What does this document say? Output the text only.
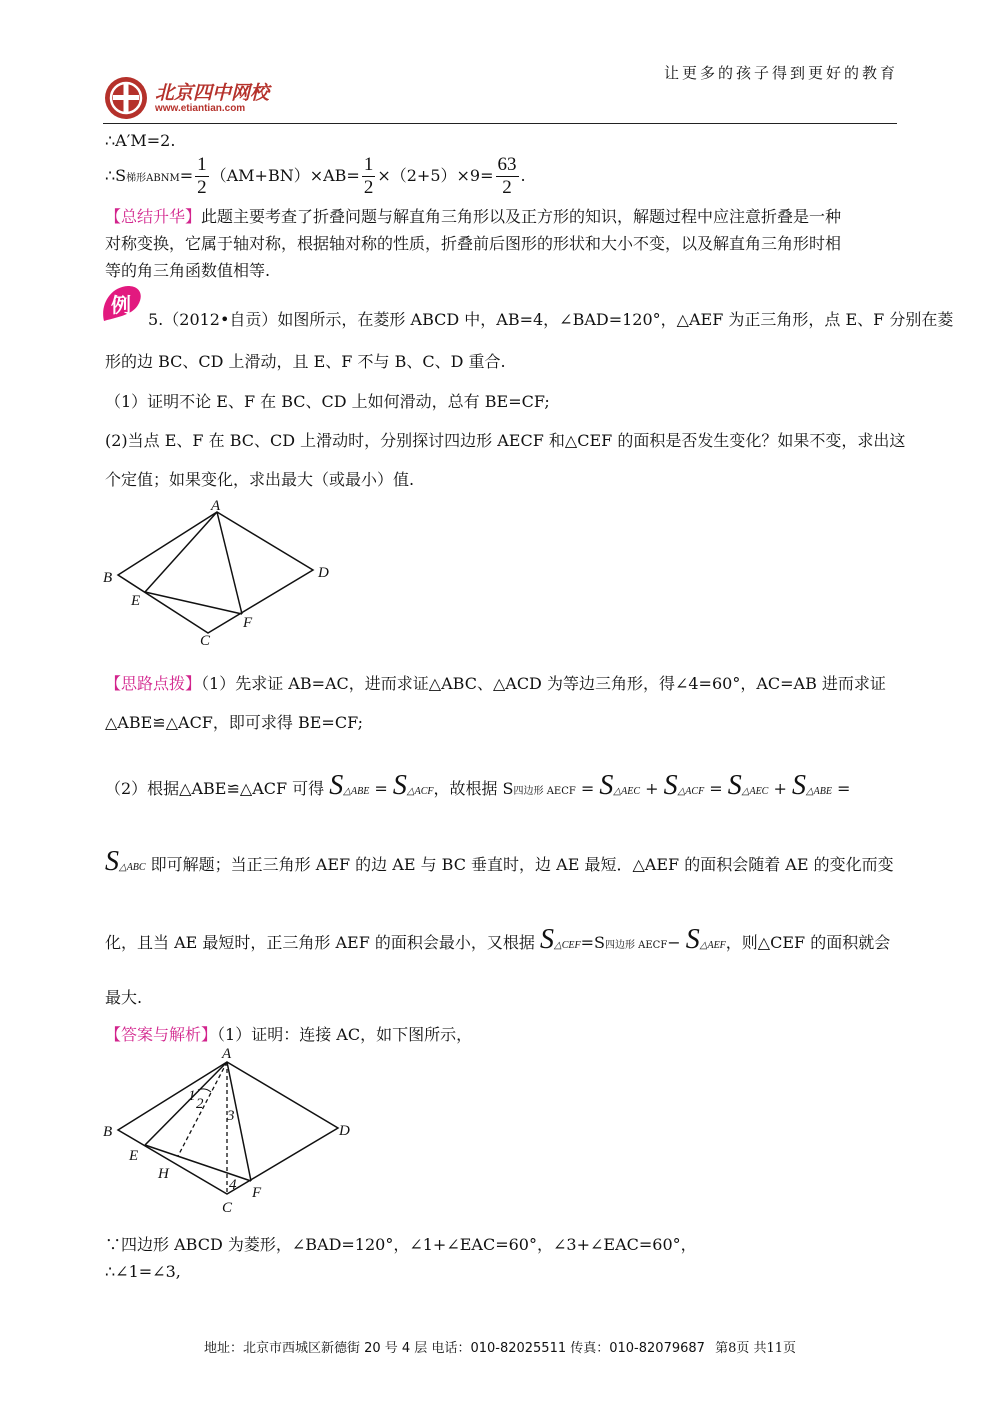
让更多的孩子得到更好的教育
北京四中网校
www.etiantian.com
∴A′M=2.
∴S梯形ABNM= $\frac{1}{2} (AM+BN)\times AB= \frac{1}{2} \times(2+5)\times 9= \frac{63}{2}$ .
【总结升华】此题主要考查了折叠问题与解直角三角形以及正方形的知识，解题过程中应注意折叠是一种
对称变换，它属于轴对称，根据轴对称的性质，折叠前后图形的形状和大小不变，以及解直角三角形时相
等的角三角函数值相等.
例
5.（2012•自贡）如图所示，在菱形 ABCD 中，AB=4，∠BAD=120°，△AEF 为正三角形，点 E、F 分别在菱
形的边 BC、CD 上滑动，且 E、F 不与 B、C、D 重合.
（1）证明不论 E、F 在 BC、CD 上如何滑动，总有 BE=CF;
(2)当点 E、F 在 BC、CD 上滑动时，分别探讨四边形 AECF 和△CEF 的面积是否发生变化？如果不变，求出这
个定值；如果变化，求出最大（或最小）值.
A
B	D
E
F
C
【思路点拨】（1）先求证 AB=AC，进而求证△ABC、△ACD 为等边三角形，得∠4=60°，AC=AB 进而求证
△ABE≌△ACF，即可求得 BE=CF;
（2）根据△ABE≌△ACF 可得 S△ABE = S△ACF，故根据 S四边形 AECF = S△AEC + S△ACF = S△AEC + S△ABE =
S△ABC 即可解题；当正三角形 AEF 的边 AE 与 BC 垂直时，边 AE 最短．△AEF 的面积会随着 AE 的变化而变
化，且当 AE 最短时，正三角形 AEF 的面积会最小，又根据 S△CEF=S四边形 AECF− S△AEF，则△CEF 的面积就会
最大.
【答案与解析】（1）证明：连接 AC，如下图所示，
A
B	D
E
H
F
C
1 2
3
4
∵四边形 ABCD 为菱形，∠BAD=120°，∠1+∠EAC=60°，∠3+∠EAC=60°，
∴∠1=∠3,
地址：北京市西城区新德街 20 号 4 层 电话：010-82025511 传真：010-82079687 第8页 共11页
